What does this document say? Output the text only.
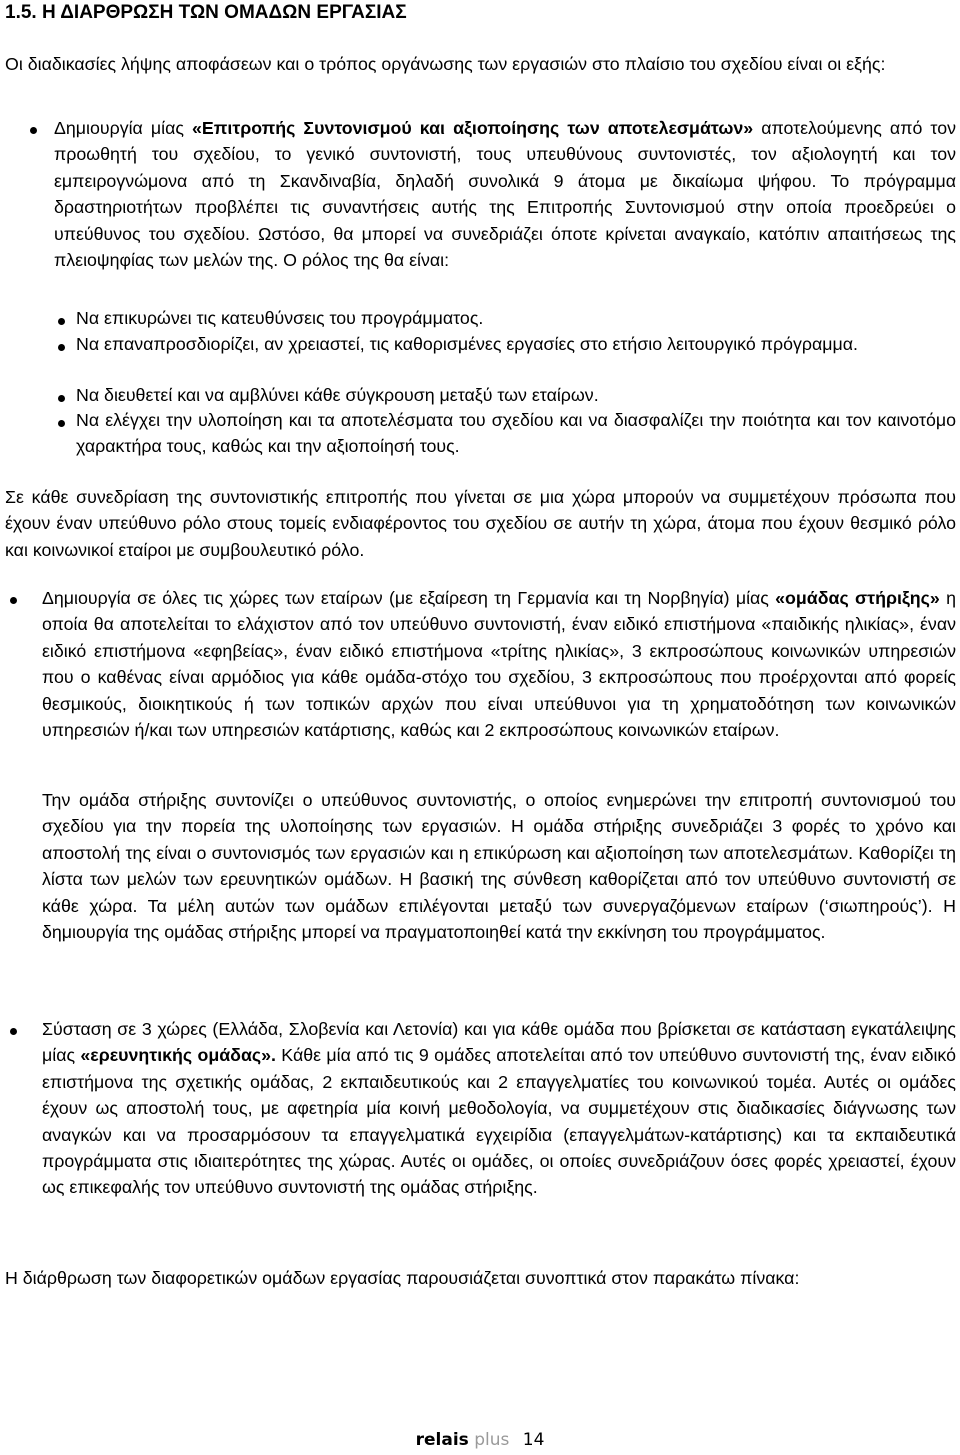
1.5. Η ΔΙΑΡΘΡΩΣΗ ΤΩΝ ΟΜΑΔΩΝ ΕΡΓΑΣΙΑΣ

Οι διαδικασίες λήψης αποφάσεων και ο τρόπος οργάνωσης των εργασιών στο πλαίσιο του σχεδίου είναι οι εξής:

Δημιουργία μίας «Επιτροπής Συντονισμού και αξιοποίησης των αποτελεσμάτων» αποτελούμενης από τον προωθητή του σχεδίου, το γενικό συντονιστή, τους υπευθύνους συντονιστές, τον αξιολογητή και τον εμπειρογνώμονα από τη Σκανδιναβία, δηλαδή συνολικά 9 άτομα με δικαίωμα ψήφου. Το πρόγραμμα δραστηριοτήτων προβλέπει τις συναντήσεις αυτής της Επιτροπής Συντονισμού στην οποία προεδρεύει ο υπεύθυνος του σχεδίου. Ωστόσο, θα μπορεί να συνεδριάζει όποτε κρίνεται αναγκαίο, κατόπιν απαιτήσεως της πλειοψηφίας των μελών της. Ο ρόλος της θα είναι:

Να επικυρώνει τις κατευθύνσεις του προγράμματος.

Να επαναπροσδιορίζει, αν χρειαστεί, τις καθορισμένες εργασίες στο ετήσιο λειτουργικό πρόγραμμα.

Να διευθετεί και να αμβλύνει κάθε σύγκρουση μεταξύ των εταίρων.

Να ελέγχει την υλοποίηση και τα αποτελέσματα του σχεδίου και να διασφαλίζει την ποιότητα και τον καινοτόμο χαρακτήρα τους, καθώς και την αξιοποίησή τους.

Σε κάθε συνεδρίαση της συντονιστικής επιτροπής που γίνεται σε μια χώρα μπορούν να συμμετέχουν πρόσωπα που έχουν έναν υπεύθυνο ρόλο στους τομείς ενδιαφέροντος του σχεδίου σε αυτήν τη χώρα, άτομα που έχουν θεσμικό ρόλο και κοινωνικοί εταίροι με συμβουλευτικό ρόλο.

Δημιουργία σε όλες τις χώρες των εταίρων (με εξαίρεση τη Γερμανία και τη Νορβηγία) μίας «ομάδας στήριξης» η οποία θα αποτελείται το ελάχιστον από τον υπεύθυνο συντονιστή, έναν ειδικό επιστήμονα «παιδικής ηλικίας», έναν ειδικό επιστήμονα «εφηβείας», έναν ειδικό επιστήμονα «τρίτης ηλικίας», 3 εκπροσώπους κοινωνικών υπηρεσιών που ο καθένας είναι αρμόδιος για κάθε ομάδα-στόχο του σχεδίου, 3 εκπροσώπους που προέρχονται από φορείς θεσμικούς, διοικητικούς ή των τοπικών αρχών που είναι υπεύθυνοι για τη χρηματοδότηση των κοινωνικών υπηρεσιών ή/και των υπηρεσιών κατάρτισης, καθώς και 2 εκπροσώπους κοινωνικών εταίρων.

Την ομάδα στήριξης συντονίζει ο υπεύθυνος συντονιστής, ο οποίος ενημερώνει την επιτροπή συντονισμού του σχεδίου για την πορεία της υλοποίησης των εργασιών. Η ομάδα στήριξης συνεδριάζει 3 φορές το χρόνο και αποστολή της είναι ο συντονισμός των εργασιών και η επικύρωση και αξιοποίηση των αποτελεσμάτων. Καθορίζει τη λίστα των μελών των ερευνητικών ομάδων. Η βασική της σύνθεση καθορίζεται από τον υπεύθυνο συντονιστή σε κάθε χώρα. Τα μέλη αυτών των ομάδων επιλέγονται μεταξύ των συνεργαζόμενων εταίρων (‘σιωπηρούς’). Η δημιουργία της ομάδας στήριξης μπορεί να πραγματοποιηθεί κατά την εκκίνηση του προγράμματος.

Σύσταση σε 3 χώρες (Ελλάδα, Σλοβενία και Λετονία) και για κάθε ομάδα που βρίσκεται σε κατάσταση εγκατάλειψης μίας «ερευνητικής ομάδας». Κάθε μία από τις 9 ομάδες αποτελείται από τον υπεύθυνο συντονιστή της, έναν ειδικό επιστήμονα της σχετικής ομάδας, 2 εκπαιδευτικούς και 2 επαγγελματίες του κοινωνικού τομέα. Αυτές οι ομάδες έχουν ως αποστολή τους, με αφετηρία μία κοινή μεθοδολογία, να συμμετέχουν στις διαδικασίες διάγνωσης των αναγκών και να προσαρμόσουν τα επαγγελματικά εγχειρίδια (επαγγελμάτων-κατάρτισης) και τα εκπαιδευτικά προγράμματα στις ιδιαιτερότητες της χώρας. Αυτές οι ομάδες, οι οποίες συνεδριάζουν όσες φορές χρειαστεί, έχουν ως επικεφαλής τον υπεύθυνο συντονιστή της ομάδας στήριξης.

Η διάρθρωση των διαφορετικών ομάδων εργασίας παρουσιάζεται συνοπτικά στον παρακάτω πίνακα:

relais plus 14
